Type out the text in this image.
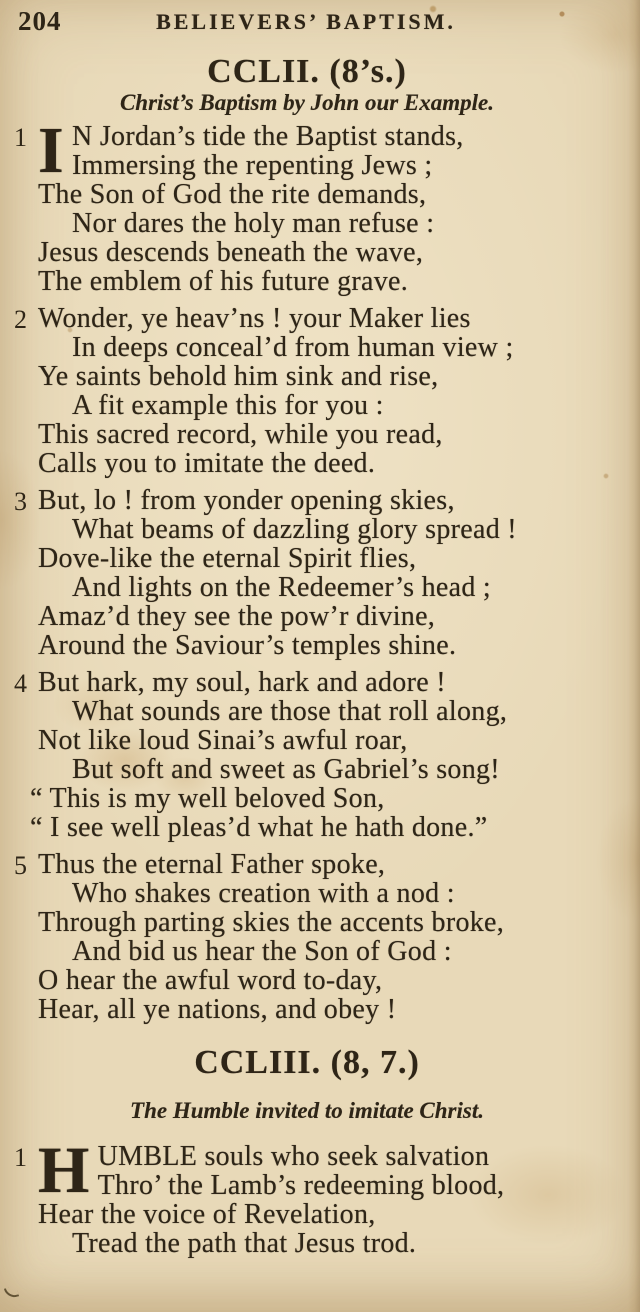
204	BELIEVERS’ BAPTISM.
CCLII. (8’s.)
Christ’s Baptism by John our Example.
1 I N Jordan’s tide the Baptist stands,
Immersing the repenting Jews ;
The Son of God the rite demands,
Nor dares the holy man refuse :
Jesus descends beneath the wave,
The emblem of his future grave.
2 Wonder, ye heav’ns ! your Maker lies
In deeps conceal’d from human view ;
Ye saints behold him sink and rise,
A fit example this for you :
This sacred record, while you read,
Calls you to imitate the deed.
3 But, lo ! from yonder opening skies,
What beams of dazzling glory spread !
Dove-like the eternal Spirit flies,
And lights on the Redeemer’s head ;
Amaz’d they see the pow’r divine,
Around the Saviour’s temples shine.
4 But hark, my soul, hark and adore !
What sounds are those that roll along,
Not like loud Sinai’s awful roar,
But soft and sweet as Gabriel’s song!
“ This is my well beloved Son,
“ I see well pleas’d what he hath done.”
5 Thus the eternal Father spoke,
Who shakes creation with a nod :
Through parting skies the accents broke,
And bid us hear the Son of God :
O hear the awful word to-day,
Hear, all ye nations, and obey !
CCLIII. (8, 7.)
The Humble invited to imitate Christ.
1 HUMBLE souls who seek salvation
Thro’ the Lamb’s redeeming blood,
Hear the voice of Revelation,
Tread the path that Jesus trod.
